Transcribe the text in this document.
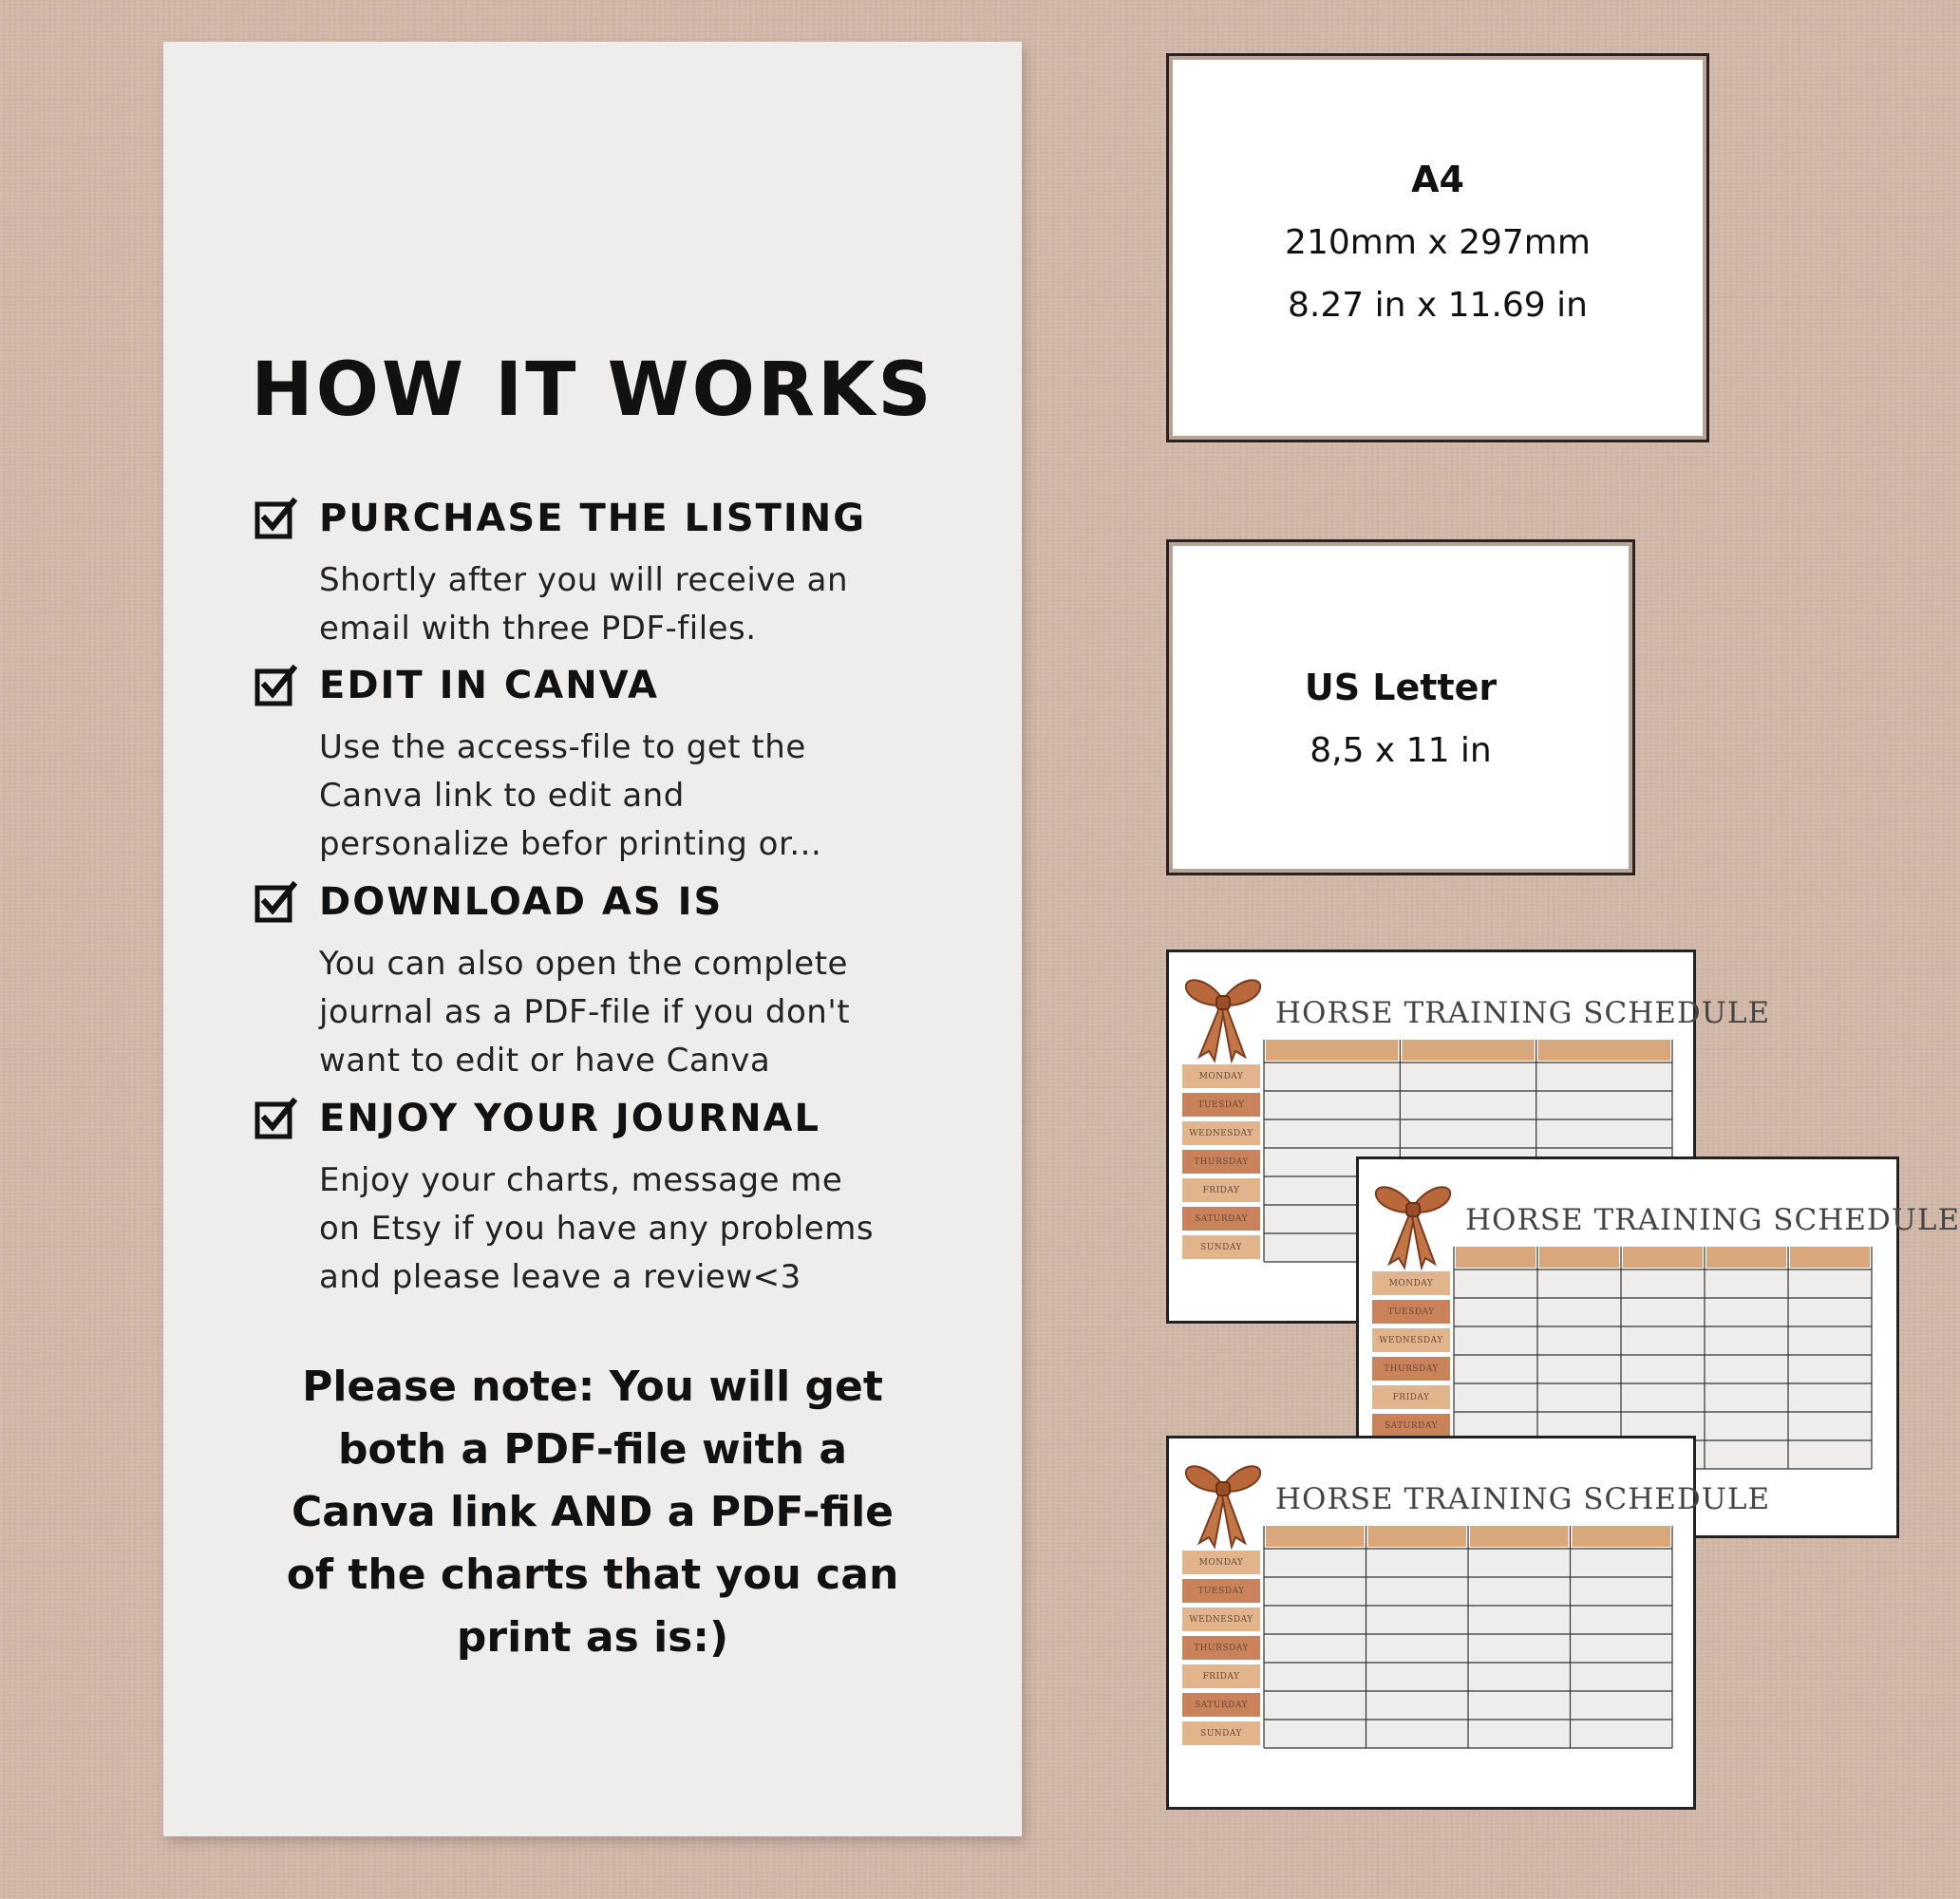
HOW IT WORKS
PURCHASE THE LISTING
Shortly after you will receive an
email with three PDF-files.
EDIT IN CANVA
Use the access-file to get the
Canva link to edit and
personalize befor printing or...
DOWNLOAD AS IS
You can also open the complete
journal as a PDF-file if you don't
want to edit or have Canva
ENJOY YOUR JOURNAL
Enjoy your charts, message me
on Etsy if you have any problems
and please leave a review<3
Please note: You will get
both a PDF-file with a
Canva link AND a PDF-file
of the charts that you can
print as is:)
A4
210mm x 297mm
8.27 in x 11.69 in
US Letter
8,5 x 11 in
HORSE TRAINING SCHEDULE
MONDAY
TUESDAY
WEDNESDAY
THURSDAY
FRIDAY
SATURDAY
SUNDAY
HORSE TRAINING SCHEDULE
MONDAY
TUESDAY
WEDNESDAY
THURSDAY
FRIDAY
SATURDAY
HORSE TRAINING SCHEDULE
MONDAY
TUESDAY
WEDNESDAY
THURSDAY
FRIDAY
SATURDAY
SUNDAY
